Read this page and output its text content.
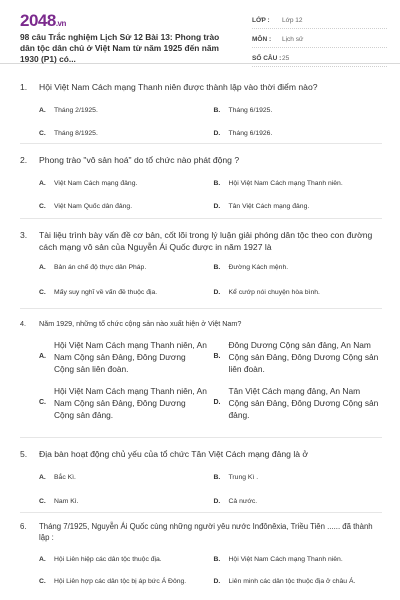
2048.vn
98 câu Trắc nghiệm Lịch Sử 12 Bài 13: Phong trào dân tộc dân chủ ở Việt Nam từ năm 1925 đến năm 1930 (P1) có...
LỚP :	Lớp 12
MÔN :	Lịch sử
SỐ CÂU : 25
1.	Hội Việt Nam Cách mạng Thanh niên được thành lập vào thời điểm nào?
A.	Tháng 2/1925.	B.	Tháng 6/1925.
C.	Tháng 8/1925.	D.	Tháng 6/1926.
2.	Phong trào "vô sản hoá" do tổ chức nào phát động ?
A.	Việt Nam Cách mạng đảng.	B.	Hội Việt Nam Cách mạng Thanh niên.
C.	Việt Nam Quốc dân đảng.	D.	Tân Việt Cách mạng đảng.
3.	Tài liệu trình bày vấn đề cơ bản, cốt lõi trong lý luận giải phóng dân tộc theo con đường cách mạng vô sản của Nguyễn Ái Quốc được in năm 1927 là
A.	Bản án chế độ thực dân Pháp.	B.	Đường Kách mệnh.
C.	Mấy suy nghĩ về vấn đề thuộc địa.	D.	Kể cướp nói chuyện hòa bình.
4.	Năm 1929, những tổ chức cộng sản nào xuất hiện ở Việt Nam?
A.
Hội Việt Nam Cách mạng Thanh niên, An Nam Cộng sản Đảng, Đông Dương Cộng sản liên đoàn.
B.
Đông Dương Cộng sản đảng, An Nam Cộng sản Đảng, Đông Dương Cộng sản liên đoàn.
C.
Hội Việt Nam Cách mạng Thanh niên, An Nam Cộng sản Đảng, Đông Dương Cộng sản đảng.
D.
Tân Việt Cách mạng đảng, An Nam Cộng sản Đảng, Đông Dương Cộng sản đảng.
5.	Địa bàn hoạt động chủ yếu của tổ chức Tân Việt Cách mạng đảng là ở
A.	Bắc Kì.	B.	Trung Kì .
C.	Nam Kì.	D.	Cả nước.
6.	Tháng 7/1925, Nguyễn Ái Quốc cùng những người yêu nước Inđônêxia, Triều Tiên ...... đã thành lập :
A.	Hội Liên hiệp các dân tộc thuộc địa.	B.	Hội Việt Nam Cách mạng Thanh niên.
C.	Hội Liên hợp các dân tộc bị áp bức Á Đông.	D.	Liên minh các dân tộc thuộc địa ở châu Á.
